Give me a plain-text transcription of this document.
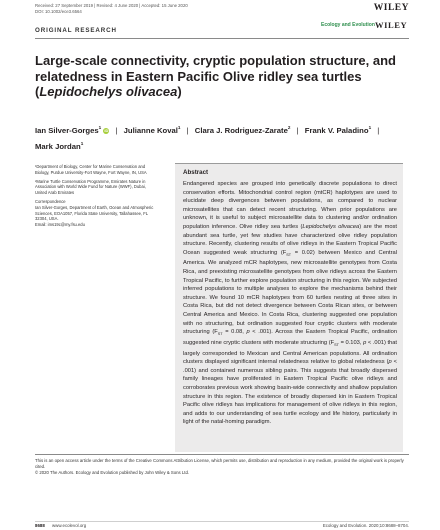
Received: 27 September 2019 | Revised: 4 June 2020 | Accepted: 15 June 2020
DOI: 10.1002/ece3.6564	WILEY
Ecology and Evolution WILEY
ORIGINAL RESEARCH
Large-scale connectivity, cryptic population structure, and relatedness in Eastern Pacific Olive ridley sea turtles (Lepidochelys olivacea)
Ian Silver-Gorges$^1$ iD | Julianne Koval$^1$ | Clara J. Rodriguez-Zarate$^2$ | Frank V. Paladino$^1$ |
Mark Jordan$^1$

¹Department of Biology, Center for Marine Conservation and Biology, Purdue University-Fort Wayne, Fort Wayne, IN, USA

²Marine Turtle Conservation Programme, Emirates Nature in Association with World Wide Fund for Nature (WWF), Dubai, United Arab Emirates

Correspondence

Ian Silver-Gorges, Department of Earth, Ocean and Atmospheric Sciences, EOA1057, Florida State University, Tallahassee, FL 32304, USA.

Email: ims19c@my.fsu.edu

Abstract
Endangered species are grouped into genetically discrete populations to direct conservation efforts. Mitochondrial control region (mtCR) haplotypes are used to elucidate deep divergences between populations, as compared to nuclear microsatellites that can detect recent structuring. When prior populations are unknown, it is useful to subject microsatellite data to clustering and/or ordination population inference. Olive ridley sea turtles (Lepidochelys olivacea) are the most abundant sea turtle, yet few studies have characterized olive ridley population structure. Recently, clustering results of olive ridleys in the Eastern Tropical Pacific Ocean suggested weak structuring $(F_{ST} = 0.02)$ between Mexico and Central America. We analyzed mCR haplotypes, new microsatellite genotypes from Costa Rica, and preexisting microsatellite genotypes from olive ridleys across the Eastern Tropical Pacific, to further explore population structuring in this region. We subjected inferred populations to multiple analyses to explore the mechanisms behind their structure. We found 10 mCR haplotypes from 60 turtles nesting at three sites in Costa Rica, but did not detect divergence between Costa Rican sites, or between Central America and Mexico. In Costa Rica, clustering suggested one population with no structuring, but ordination suggested four cryptic clusters with moderate structuring ($F_{ST} = 0.08$, p < .001). Across the Eastern Tropical Pacific, ordination suggested nine cryptic clusters with moderate structuring ($F_{ST} = 0.103$, p < .001) that largely corresponded to Mexican and Central American populations. All ordination clusters displayed significant internal relatedness relative to global relatedness (p < .001) and contained numerous sibling pairs. This suggests that broadly dispersed family lineages have proliferated in Eastern Tropical Pacific olive ridleys and corroborates previous work showing basin-wide connectivity and shallow population structure in this region. The existence of broadly dispersed kin in Eastern Tropical Pacific olive ridleys has implications for management of olive ridleys in this region, and adds to our understanding of sea turtle ecology and life history, particularly in light of the natal-homing paradigm.
This is an open access article under the terms of the Creative Commons Attribution License, which permits use, distribution and reproduction in any medium, provided the original work is properly cited.
© 2020 The Authors. Ecology and Evolution published by John Wiley & Sons Ltd.
8688 www.ecolevol.org	Ecology and Evolution. 2020;10:8688–8704.
